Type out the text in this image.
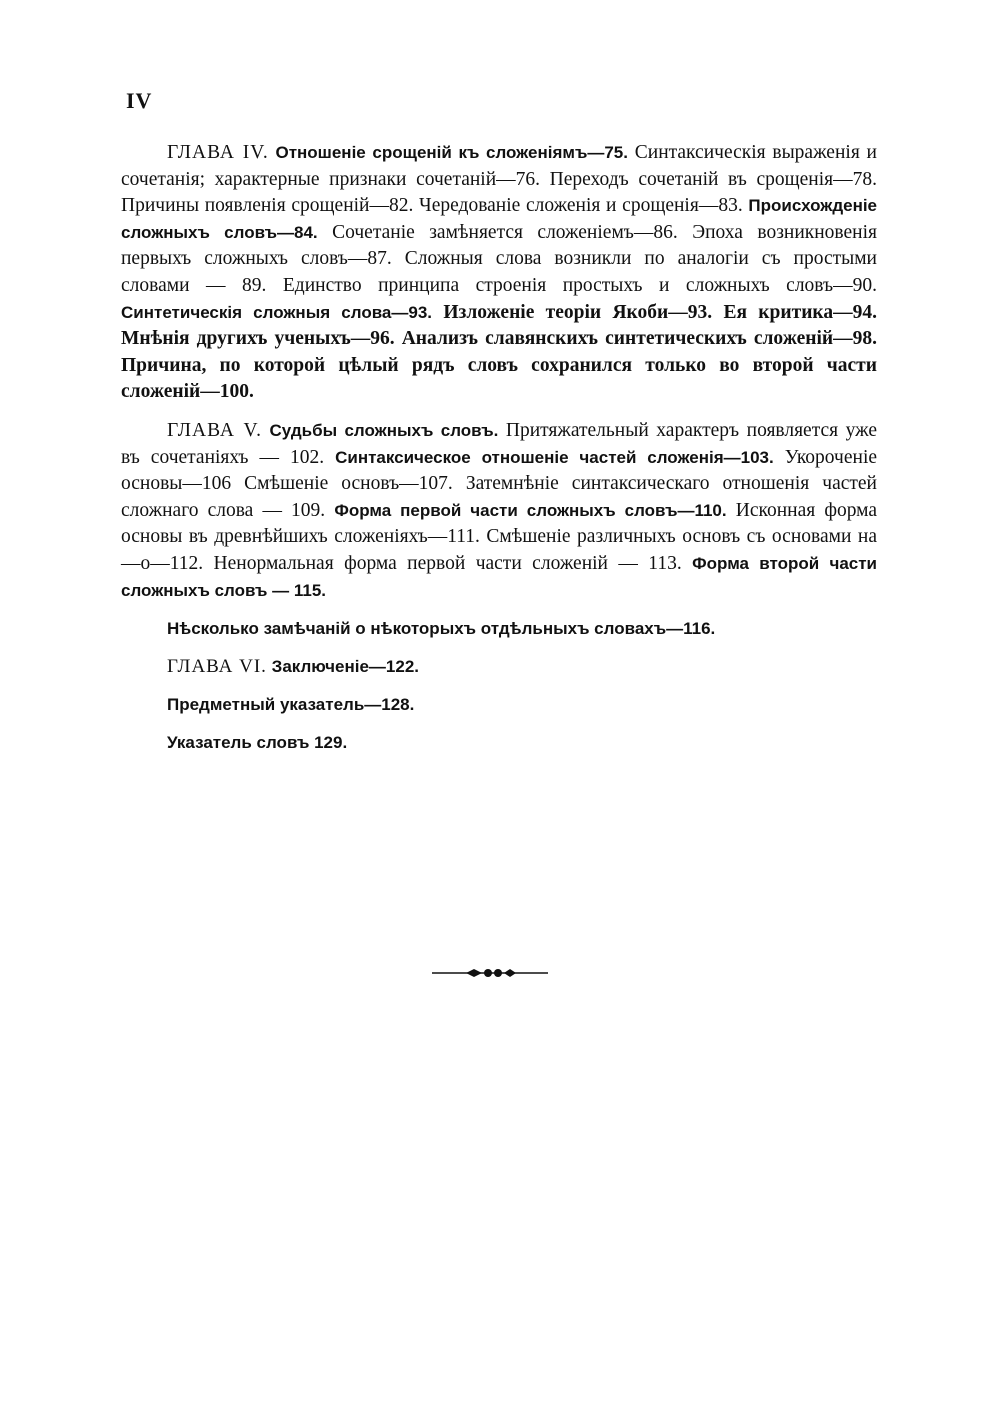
IV

ГЛАВА IV. Отношеніе срощеній къ сложеніямъ—75. Синтаксическія выраженія и сочетанія; характерные признаки сочетаній—76. Переходъ сочетаній въ срощенія—78. Причины появленія срощеній—82. Чередованіе сложенія и срощенія—83. Происхожденіе сложныхъ словъ—84. Сочетаніе замѣняется сложеніемъ—86. Эпоха возникновенія первыхъ сложныхъ словъ—87. Сложныя слова возникли по аналогіи съ простыми словами — 89. Единство принципа строенія простыхъ и сложныхъ словъ—90. Синтетическія сложныя слова—93. Изложеніе теоріи Якоби—93. Ея критика—94. Мнѣнія другихъ ученыхъ—96. Анализъ славянскихъ синтетическихъ сложеній—98. Причина, по которой цѣлый рядъ словъ сохранился только во второй части сложеній—100.

ГЛАВА V. Судьбы сложныхъ словъ. Притяжательный характеръ появляется уже въ сочетаніяхъ — 102. Синтаксическое отношеніе частей сложенія—103. Укороченіе основы—106 Смѣшеніе основъ—107. Затемнѣніе синтаксическаго отношенія частей сложнаго слова — 109. Форма первой части сложныхъ словъ—110. Исконная форма основы въ древнѣйшихъ сложеніяхъ—111. Смѣшеніе различныхъ основъ съ основами на —о—112. Ненормальная форма первой части сложеній — 113. Форма второй части сложныхъ словъ — 115.

Нѣсколько замѣчаній о нѣкоторыхъ отдѣльныхъ словахъ—116.

ГЛАВА VI. Заключеніе—122.

Предметный указатель—128.

Указатель словъ 129.
